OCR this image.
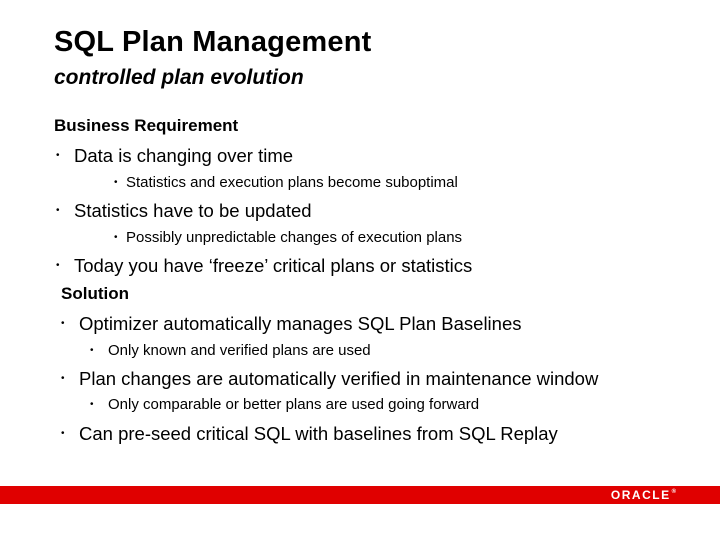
SQL Plan Management
controlled plan evolution
Business Requirement
• Data is changing over time
• Statistics and execution plans become suboptimal
• Statistics have to be updated
• Possibly unpredictable changes of execution plans
• Today you have ‘freeze’ critical plans or statistics
Solution
• Optimizer automatically manages SQL Plan Baselines
• Only known and verified plans are used
• Plan changes are automatically verified in maintenance window
• Only comparable or better plans are used going forward
• Can pre-seed critical SQL with baselines from SQL Replay
ORACLE ®
